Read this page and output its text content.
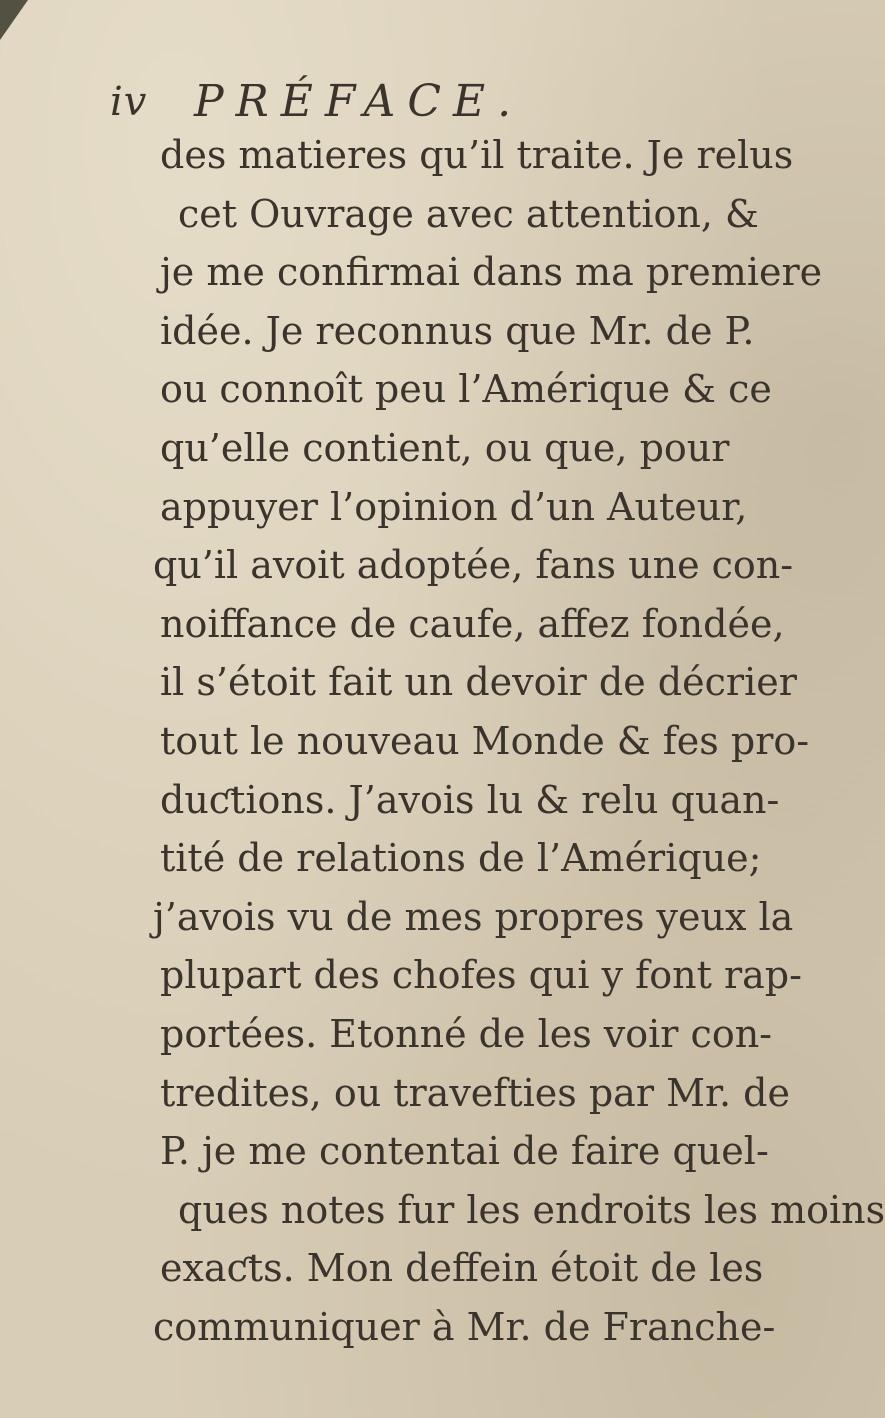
iv PRÉFACE.
des matieres qu’il traite. Je relus
cet Ouvrage avec attention, &
je me confirmai dans ma premiere
idée. Je reconnus que Mr. de P.
ou connoît peu l’Amérique & ce
qu’elle contient, ou que, pour
appuyer l’opinion d’un Auteur,
qu’il avoit adoptée, fans une con-
noiffance de caufe, affez fondée,
il s’étoit fait un devoir de décrier
tout le nouveau Monde & fes pro-
duƈtions. J’avois lu & relu quan-
tité de relations de l’Amérique;
j’avois vu de mes propres yeux la
plupart des chofes qui y font rap-
portées. Etonné de les voir con-
tredites, ou travefties par Mr. de
P. je me contentai de faire quel-
ques notes fur les endroits les moins
exaƈts. Mon deffein étoit de les
communiquer à Mr. de Franche-
